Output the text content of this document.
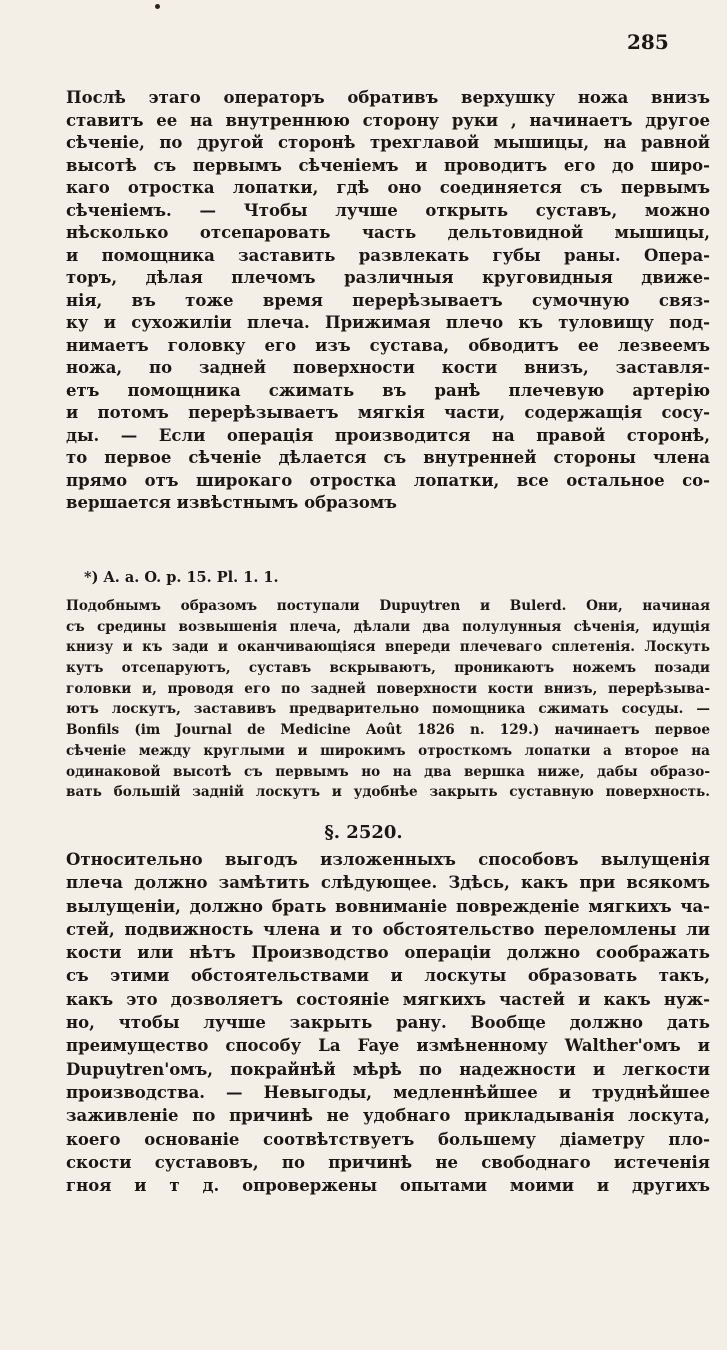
285
Послѣ этаго операторъ обративъ верхушку ножа внизъ
ставитъ ее на внутреннюю сторону руки , начинаетъ другое
сѣченіе, по другой сторонѣ трехглавой мышицы, на равной
высотѣ съ первымъ сѣченіемъ и проводитъ его до широ-
каго отростка лопатки, гдѣ оно соединяется съ первымъ
сѣченіемъ. — Чтобы лучше открыть суставъ, можно
нѣсколько отсепаровать часть дельтовидной мышицы,
и помощника заставить развлекать губы раны. Опера-
торъ, дѣлая плечомъ различныя круговидныя движе-
нія, въ тоже время перерѣзываетъ сумочную связ-
ку и сухожиліи плеча. Прижимая плечо къ туловищу под-
нимаетъ головку его изъ сустава, обводитъ ее лезвеемъ
ножа, по задней поверхности кости внизъ, заставля-
етъ помощника сжимать въ ранѣ плечевую артерію
и потомъ перерѣзываетъ мягкія части, содержащія сосу-
ды. — Если операція производится на правой сторонѣ,
то первое сѣченіе дѣлается съ внутренней стороны члена
прямо отъ широкаго отростка лопатки, все остальное со-
вершается извѣстнымъ образомъ
*) A. a. O. p. 15. Pl. 1. 1.
Подобнымъ образомъ поступали Dupuytren и Bulerd. Они, начиная
съ средины возвышенія плеча, дѣлали два полулунныя сѣченія, идущія
книзу и къ зади и оканчивающіяся впереди плечеваго сплетенія. Лоскуть
кутъ отсепаруютъ, суставъ вскрываютъ, проникаютъ ножемъ позади
головки и, проводя его по задней поверхности кости внизъ, перерѣзыва-
ютъ лоскутъ, заставивъ предварительно помощника сжимать сосуды. —
Bonfils (im Journal de Medicine Août 1826 n. 129.) начинаетъ первое
сѣченіе между круглыми и широкимъ отросткомъ лопатки а второе на
одинаковой высотѣ съ первымъ но на два вершка ниже, дабы образо-
вать большій задній лоскутъ и удобнѣе закрыть суставную поверхность.
§. 2520.
Относительно выгодъ изложенныхъ способовъ вылущенія
плеча должно замѣтить слѣдующее. Здѣсь, какъ при всякомъ
вылущеніи, должно брать вовниманіе поврежденіе мягкихъ ча-
стей, подвижность члена и то обстоятельство переломлены ли
кости или нѣтъ Производство операціи должно соображать
съ этими обстоятельствами и лоскуты образовать такъ,
какъ это дозволяетъ состояніе мягкихъ частей и какъ нуж-
но, чтобы лучше закрыть рану. Вообще должно дать
преимущество способу La Faye измѣненному Walther'омъ и
Dupuytren'омъ, покрайнѣй мѣрѣ по надежности и легкости
производства. — Невыгоды, медленнѣйшее и труднѣйшее
заживленіе по причинѣ не удобнаго прикладыванія лоскута,
коего основаніе соотвѣтствуетъ большему діаметру пло-
скости суставовъ, по причинѣ не свободнаго истеченія
гноя и т д. опровержены опытами моими и другихъ
